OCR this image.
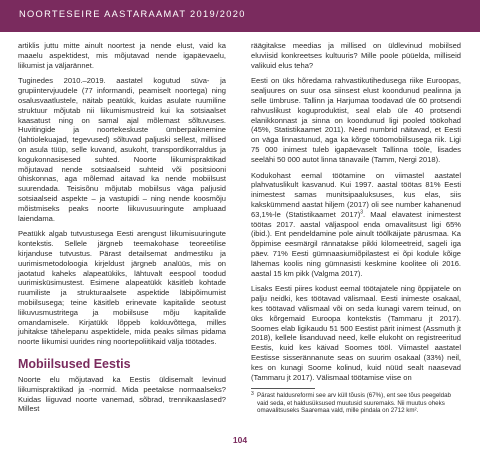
NOORTESEIRE AASTARAAMAT 2019/2020

artiklis juttu mitte ainult noortest ja nende elust, vaid ka maaelu aspektidest, mis mõjutavad nende igapäevaelu, liikumist ja väljarännet.

Tuginedes 2010.–2019. aastatel kogutud süva- ja grupiintervjuudele (77 informandi, peamiselt noortega) ning osalusvaatlustele, näitab peatükk, kuidas asulate ruumiline struktuur mõjutab nii liikumismustreid kui ka sotsiaalset kaasatust ning on samal ajal mõlemast sõltuvuses. Huvitingide ja noortekeskuste ümberpaiknemine (lahtiolekuajad, tegevused) sõltuvad paljuski sellest, millised on asula tüüp, selle kuvand, asukoht, transpordikorraldus ja kogukonnasisesed suhted. Noorte liikumispraktikad mõjutavad nende sotsiaalseid suhteid või positsiooni ühiskonnas, aga mõlemad aitavad ka nende mobiilsust suurendada. Teisisõnu mõjutab mobiilsus väga paljusid sotsiaalseid aspekte – ja vastupidi – ning nende koosmõju mõistmiseks peaks noorte liikuvusuuringute ampluaad laiendama.

Peatükk algab tutvustusega Eesti arengust liikumisuuringute kontekstis. Sellele järgneb teemakohase teoreetilise kirjanduse tutvustus. Pärast detailsemat andmestiku ja uurimismetodoloogia kirjeldust järgneb analüüs, mis on jaotatud kaheks alapeatükiks, lähtuvalt eespool toodud uurimisküsimustest. Esimene alapeatükk käsitleb kohtade ruumiliste ja strukturaalsete aspektide läbipõimumist mobiilsusega; teine käsitleb erinevate kapitalide seotust liikuvusmustritega ja mobiilsuse mõju kapitalide omandamisele. Kirjatükk lõppeb kokkuvõttega, milles juhitakse tähelepanu aspektidele, mida peaks silmas pidama noorte liikumisi uurides ning noortepoliitikaid välja töötades.

Mobiilsused Eestis

Noorte elu mõjutavad ka Eestis üldisemalt levinud liikumispraktikad ja -normid. Mida peetakse normaalseks? Kuidas liiguvad noorte vanemad, sõbrad, trennikaaslased? Millest

räägitakse meedias ja millised on üldlevinud mobiilsed eluviisid konkreetses kultuuris? Mille poole püüelda, milliseid valikuid elus teha?

Eesti on üks hõredama rahvastikutihedusega riike Euroopas, sealjuures on suur osa siinsest elust koondunud pealinna ja selle ümbruse. Tallinn ja Harjumaa toodavad üle 60 protsendi rahvuslikust koguproduktist, seal elab üle 40 protsendi elanikkonnast ja sinna on koondunud ligi pooled töökohad (45%, Statistikaamet 2011). Need numbrid näitavad, et Eesti on väga linnastunud, aga ka kõrge tööomobiilsusega riik. Ligi 75 000 inimest tuleb igapäevaselt Tallinna tööle, lisades seelähi 50 000 autot linna tänavaile (Tamm, Nergi 2018).

Kodukohast eemal töötamine on viimastel aastatel plahvatuslikult kasvanud. Kui 1997. aastal töötas 81% Eesti inimestest samas munitsipaaluksuses, kus elas, siis kakskümmend aastat hiljem (2017) oli see number kahanenud 63,1%-le (Statistikaamet 2017)$^3$. Maal elavatest inimestest töötas 2017. aastal väljaspool enda omavalitsust ligi 65% (ibid.). Ent pendeldamine pole ainult töölkäijate pärusmaa. Ka õppimise eesmärgil rännatakse pikki kilomeetreid, sageli iga päev. 71% Eesti gümnaasiumiõpilastest ei õpi kodule kõige lähemas koolis ning gümnasisti keskmine koolitee oli 2016. aastal 15 km pikk (Valgma 2017).

Lisaks Eesti piires kodust eemal töötajatele ning õppijatele on palju neidki, kes töötavad välismaal. Eesti inimeste osakaal, kes töötavad välismaal või on seda kunagi varem teinud, on üks kõrgemaid Euroopa kontekstis (Tammaru jt 2017). Soomes elab ligikaudu 51 500 Eestist pärit inimest (Assmuth jt 2018), kellele lisanduvad need, kelle elukoht on registreeritud Eestis, kuid kes käivad Soomes tööl. Viimastel aastatel Eestisse sisserännanute seas on suurim osakaal (33%) neil, kes on kunagi Soome kolinud, kuid nüüd sealt naasevad (Tammaru jt 2017). Välismaal töötamise viise on

3 Pärast haldusreformi see arv küll tõusis (67%), ent see tõus peegeldab vaid seda, et haldusüksused muutusid suuremaks. Nii muutus oheks omavalitsuseks Saaremaa vald, mille pindala on 2712 km².
104
